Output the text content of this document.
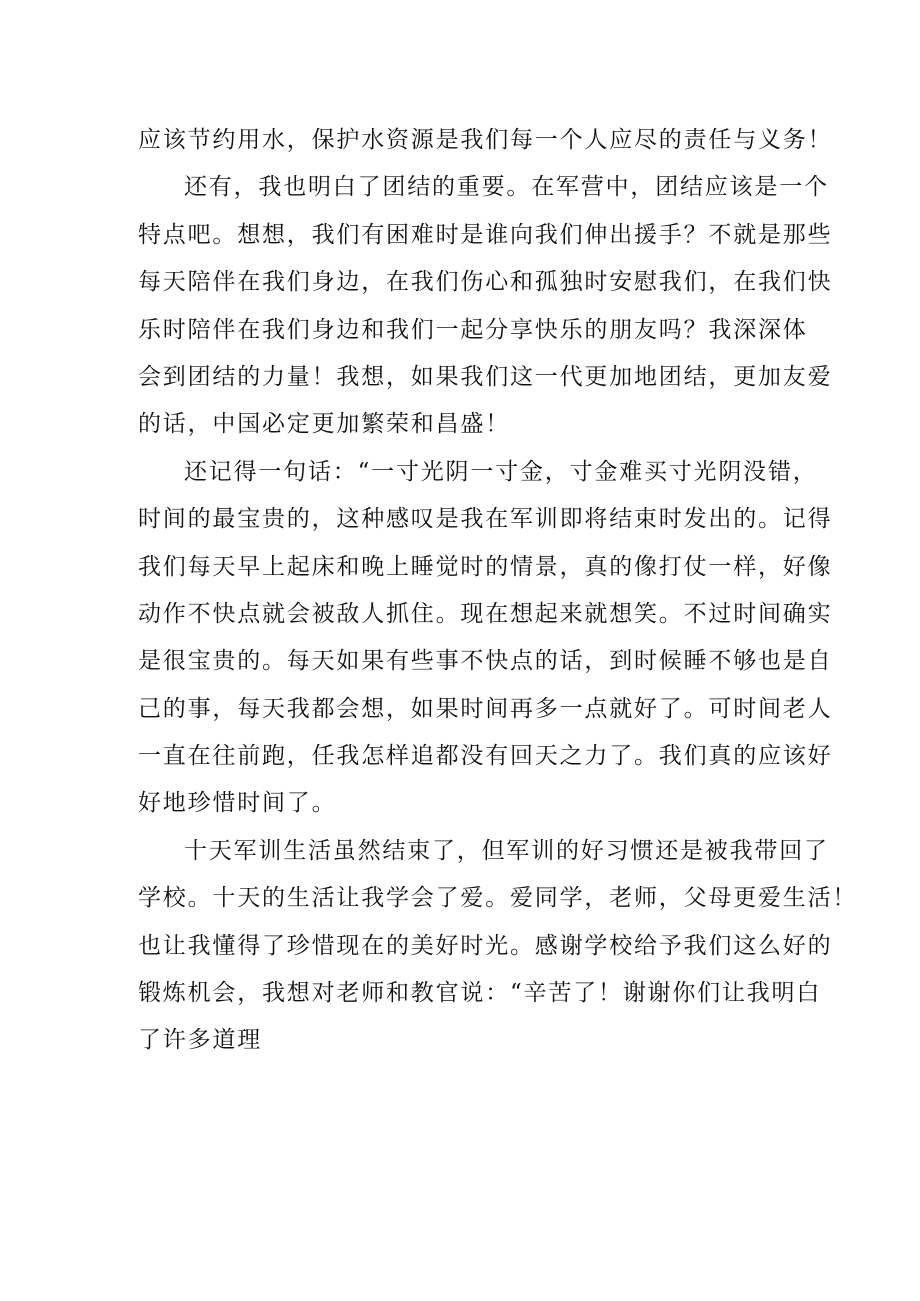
应该节约用水，保护水资源是我们每一个人应尽的责任与义务！
还有，我也明白了团结的重要。在军营中，团结应该是一个
特点吧。想想，我们有困难时是谁向我们伸出援手？不就是那些
每天陪伴在我们身边，在我们伤心和孤独时安慰我们，在我们快
乐时陪伴在我们身边和我们一起分享快乐的朋友吗？我深深体
会到团结的力量！我想，如果我们这一代更加地团结，更加友爱
的话，中国必定更加繁荣和昌盛！
还记得一句话：“一寸光阴一寸金，寸金难买寸光阴没错，
时间的最宝贵的，这种感叹是我在军训即将结束时发出的。记得
我们每天早上起床和晚上睡觉时的情景，真的像打仗一样，好像
动作不快点就会被敌人抓住。现在想起来就想笑。不过时间确实
是很宝贵的。每天如果有些事不快点的话，到时候睡不够也是自
己的事，每天我都会想，如果时间再多一点就好了。可时间老人
一直在往前跑，任我怎样追都没有回天之力了。我们真的应该好
好地珍惜时间了。
十天军训生活虽然结束了，但军训的好习惯还是被我带回了
学校。十天的生活让我学会了爱。爱同学，老师，父母更爱生活！
也让我懂得了珍惜现在的美好时光。感谢学校给予我们这么好的
锻炼机会，我想对老师和教官说：“辛苦了！谢谢你们让我明白
了许多道理
